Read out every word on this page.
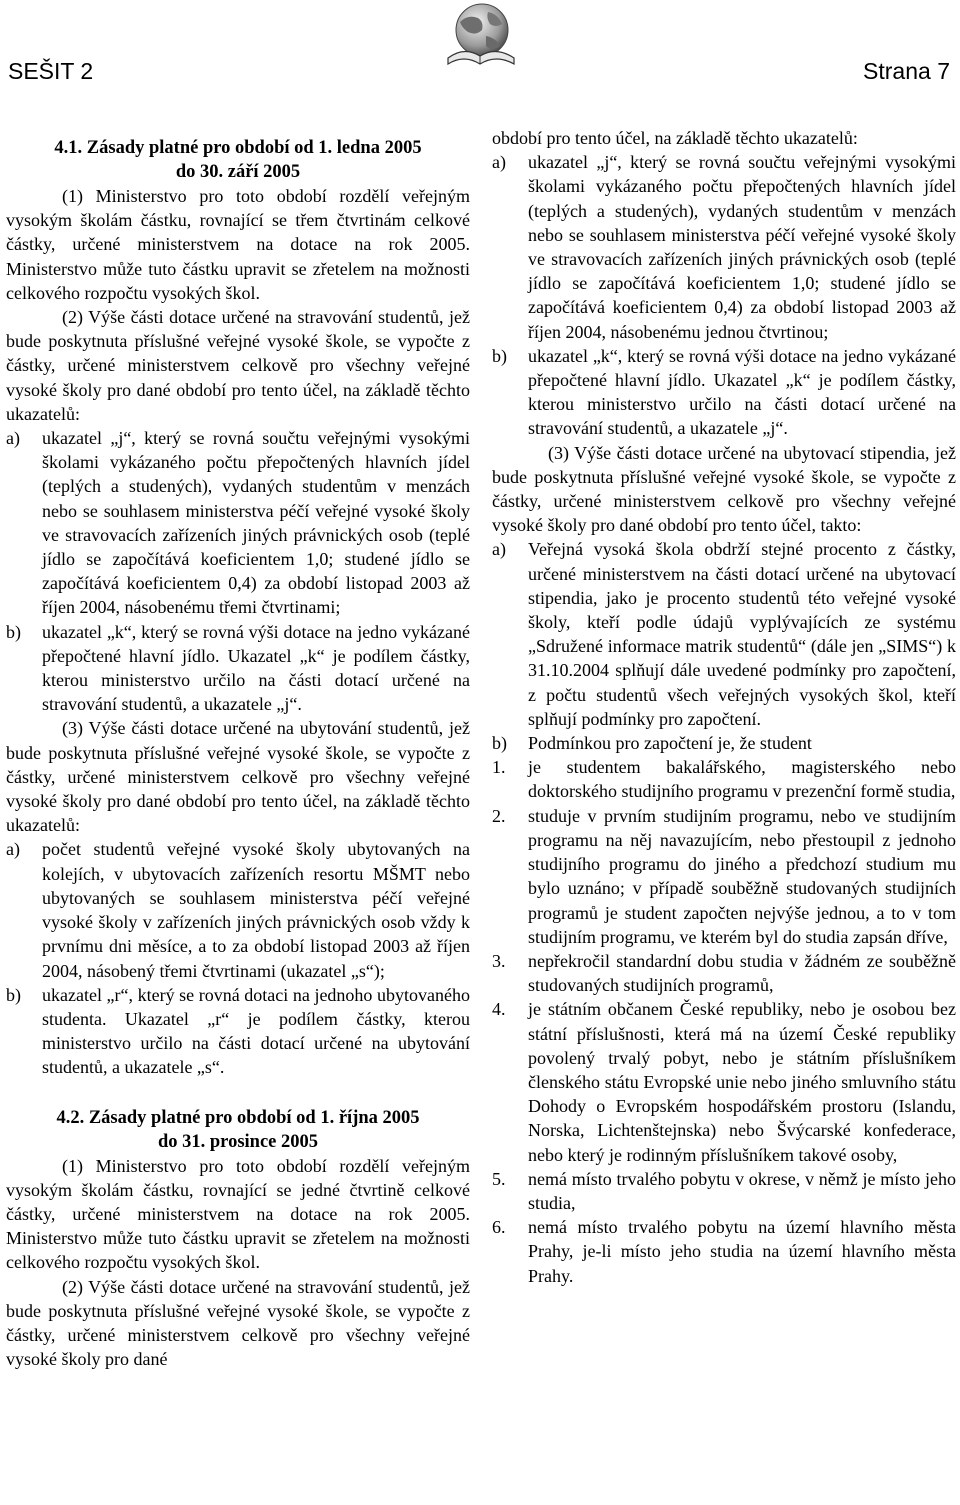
SEŠIT 2	Strana 7
4.1. Zásady platné pro období od 1. ledna 2005
do 30. září 2005

(1) Ministerstvo pro toto období rozdělí veřejným vysokým školám částku, rovnající se třem čtvrtinám celkové částky, určené ministerstvem na dotace na rok 2005. Ministerstvo může tuto částku upravit se zřetelem na možnosti celkového rozpočtu vysokých škol.

(2) Výše části dotace určené na stravování studentů, jež bude poskytnuta příslušné veřejné vysoké škole, se vypočte z částky, určené ministerstvem celkově pro všechny veřejné vysoké školy pro dané období pro tento účel, na základě těchto ukazatelů:

a)	ukazatel „j“, který se rovná součtu veřejnými vysokými školami vykázaného počtu přepočtených hlavních jídel (teplých a studených), vydaných studentům v menzách nebo se souhlasem ministerstva péčí veřejné vysoké školy ve stravovacích zařízeních jiných právnických osob (teplé jídlo se započítává koeficientem 1,0; studené jídlo se započítává koeficientem 0,4) za období listopad 2003 až říjen 2004, násobenému třemi čtvrtinami;
b)	ukazatel „k“, který se rovná výši dotace na jedno vykázané přepočtené hlavní jídlo. Ukazatel „k“ je podílem částky, kterou ministerstvo určilo na části dotací určené na stravování studentů, a ukazatele „j“.

(3) Výše části dotace určené na ubytování studentů, jež bude poskytnuta příslušné veřejné vysoké škole, se vypočte z částky, určené ministerstvem celkově pro všechny veřejné vysoké školy pro dané období pro tento účel, na základě těchto ukazatelů:

a)	počet studentů veřejné vysoké školy ubytovaných na kolejích, v ubytovacích zařízeních resortu MŠMT nebo ubytovaných se souhlasem ministerstva péčí veřejné vysoké školy v zařízeních jiných právnických osob vždy k prvnímu dni měsíce, a to za období listopad 2003 až říjen 2004, násobený třemi čtvrtinami (ukazatel „s“);
b)	ukazatel „r“, který se rovná dotaci na jednoho ubytovaného studenta. Ukazatel „r“ je podílem částky, kterou ministerstvo určilo na části dotací určené na ubytování studentů, a ukazatele „s“.
4.2. Zásady platné pro období od 1. října 2005
do 31. prosince 2005

(1) Ministerstvo pro toto období rozdělí veřejným vysokým školám částku, rovnající se jedné čtvrtině celkové částky, určené ministerstvem na dotace na rok 2005. Ministerstvo může tuto částku upravit se zřetelem na možnosti celkového rozpočtu vysokých škol.

(2) Výše části dotace určené na stravování studentů, jež bude poskytnuta příslušné veřejné vysoké škole, se vypočte z částky, určené ministerstvem celkově pro všechny veřejné vysoké školy pro dané

období pro tento účel, na základě těchto ukazatelů:

a)	ukazatel „j“, který se rovná součtu veřejnými vysokými školami vykázaného počtu přepočtených hlavních jídel (teplých a studených), vydaných studentům v menzách nebo se souhlasem ministerstva péčí veřejné vysoké školy ve stravovacích zařízeních jiných právnických osob (teplé jídlo se započítává koeficientem 1,0; studené jídlo se započítává koeficientem 0,4) za období listopad 2003 až říjen 2004, násobenému jednou čtvrtinou;
b)	ukazatel „k“, který se rovná výši dotace na jedno vykázané přepočtené hlavní jídlo. Ukazatel „k“ je podílem částky, kterou ministerstvo určilo na části dotací určené na stravování studentů, a ukazatele „j“.

(3) Výše části dotace určené na ubytovací stipendia, jež bude poskytnuta příslušné veřejné vysoké škole, se vypočte z částky, určené ministerstvem celkově pro všechny veřejné vysoké školy pro dané období pro tento účel, takto:

a)	Veřejná vysoká škola obdrží stejné procento z částky, určené ministerstvem na části dotací určené na ubytovací stipendia, jako je procento studentů této veřejné vysoké školy, kteří podle údajů vyplývajících ze systému „Sdružené informace matrik studentů“ (dále jen „SIMS“) k 31.10.2004 splňují dále uvedené podmínky pro započtení, z počtu studentů všech veřejných vysokých škol, kteří splňují podmínky pro započtení.
b)	Podmínkou pro započtení je, že student
1.	je studentem bakalářského, magisterského nebo doktorského studijního programu v prezenční formě studia,
2.	studuje v prvním studijním programu, nebo ve studijním programu na něj navazujícím, nebo přestoupil z jednoho studijního programu do jiného a předchozí studium mu bylo uznáno; v případě souběžně studovaných studijních programů je student započten nejvýše jednou, a to v tom studijním programu, ve kterém byl do studia zapsán dříve,
3.	nepřekročil standardní dobu studia v žádném ze souběžně studovaných studijních programů,
4.	je státním občanem České republiky, nebo je osobou bez státní příslušnosti, která má na území České republiky povolený trvalý pobyt, nebo je státním příslušníkem členského státu Evropské unie nebo jiného smluvního státu Dohody o Evropském hospodářském prostoru (Islandu, Norska, Lichtenštejnska) nebo Švýcarské konfederace, nebo který je rodinným příslušníkem takové osoby,
5.	nemá místo trvalého pobytu v okrese, v němž je místo jeho studia,
6.	nemá místo trvalého pobytu na území hlavního města Prahy, je-li místo jeho studia na území hlavního města Prahy.
